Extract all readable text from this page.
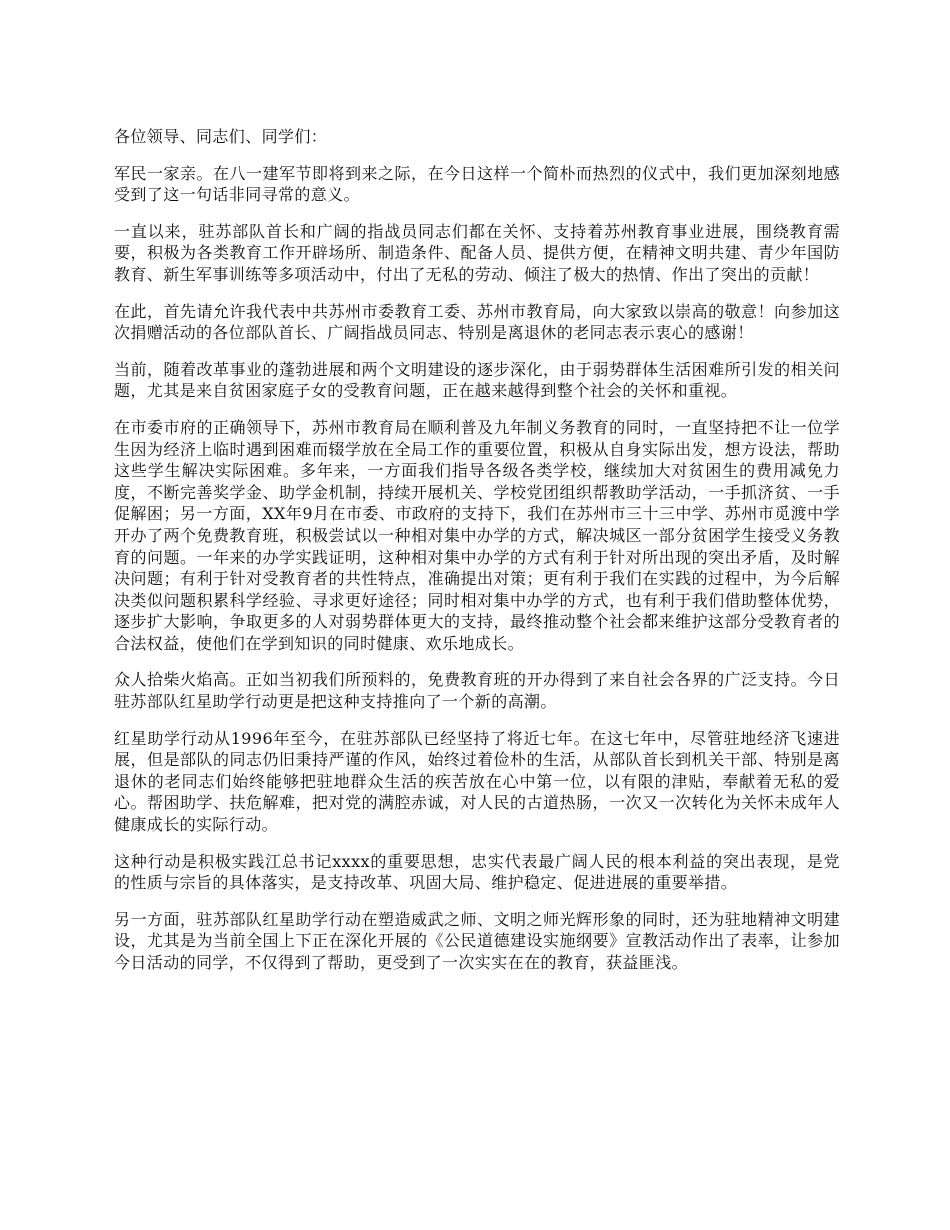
各位领导、同志们、同学们：

军民一家亲。在八一建军节即将到来之际，在今日这样一个简朴而热烈的仪式中，我们更加深刻地感受到了这一句话非同寻常的意义。

一直以来，驻苏部队首长和广阔的指战员同志们都在关怀、支持着苏州教育事业进展，围绕教育需要，积极为各类教育工作开辟场所、制造条件、配备人员、提供方便，在精神文明共建、青少年国防教育、新生军事训练等多项活动中，付出了无私的劳动、倾注了极大的热情、作出了突出的贡献！

在此，首先请允许我代表中共苏州市委教育工委、苏州市教育局，向大家致以崇高的敬意！向参加这次捐赠活动的各位部队首长、广阔指战员同志、特别是离退休的老同志表示衷心的感谢！

当前，随着改革事业的蓬勃进展和两个文明建设的逐步深化，由于弱势群体生活困难所引发的相关问题，尤其是来自贫困家庭子女的受教育问题，正在越来越得到整个社会的关怀和重视。

在市委市府的正确领导下，苏州市教育局在顺利普及九年制义务教育的同时，一直坚持把不让一位学生因为经济上临时遇到困难而辍学放在全局工作的重要位置，积极从自身实际出发，想方设法，帮助这些学生解决实际困难。多年来，一方面我们指导各级各类学校，继续加大对贫困生的费用减免力度，不断完善奖学金、助学金机制，持续开展机关、学校党团组织帮教助学活动，一手抓济贫、一手促解困；另一方面，XX年9月在市委、市政府的支持下，我们在苏州市三十三中学、苏州市觅渡中学开办了两个免费教育班，积极尝试以一种相对集中办学的方式，解决城区一部分贫困学生接受义务教育的问题。一年来的办学实践证明，这种相对集中办学的方式有利于针对所出现的突出矛盾，及时解决问题；有利于针对受教育者的共性特点，准确提出对策；更有利于我们在实践的过程中，为今后解决类似问题积累科学经验、寻求更好途径；同时相对集中办学的方式，也有利于我们借助整体优势，逐步扩大影响，争取更多的人对弱势群体更大的支持，最终推动整个社会都来维护这部分受教育者的合法权益，使他们在学到知识的同时健康、欢乐地成长。

众人拾柴火焰高。正如当初我们所预料的，免费教育班的开办得到了来自社会各界的广泛支持。今日驻苏部队红星助学行动更是把这种支持推向了一个新的高潮。

红星助学行动从1996年至今，在驻苏部队已经坚持了将近七年。在这七年中，尽管驻地经济飞速进展，但是部队的同志仍旧秉持严谨的作风，始终过着俭朴的生活，从部队首长到机关干部、特别是离退休的老同志们始终能够把驻地群众生活的疾苦放在心中第一位，以有限的津贴，奉献着无私的爱心。帮困助学、扶危解难，把对党的满腔赤诚，对人民的古道热肠，一次又一次转化为关怀未成年人健康成长的实际行动。

这种行动是积极实践江总书记xxxx的重要思想，忠实代表最广阔人民的根本利益的突出表现，是党的性质与宗旨的具体落实，是支持改革、巩固大局、维护稳定、促进进展的重要举措。

另一方面，驻苏部队红星助学行动在塑造威武之师、文明之师光辉形象的同时，还为驻地精神文明建设，尤其是为当前全国上下正在深化开展的《公民道德建设实施纲要》宣教活动作出了表率，让参加今日活动的同学，不仅得到了帮助，更受到了一次实实在在的教育，获益匪浅。
